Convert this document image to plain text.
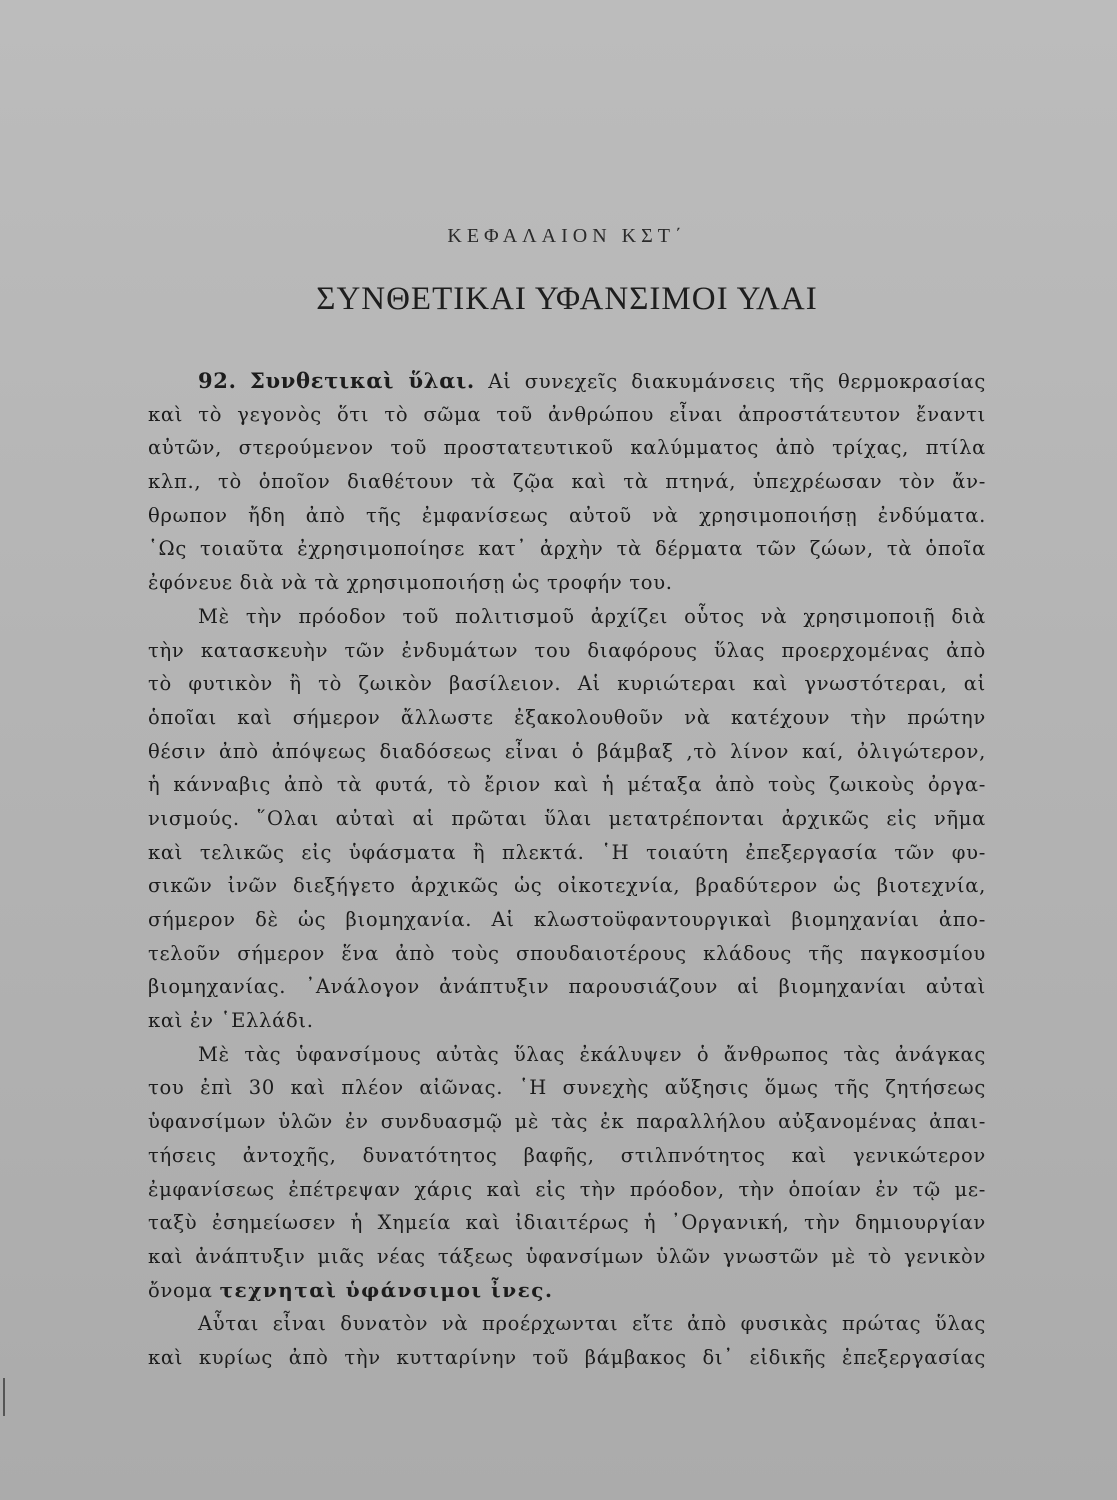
ΚΕΦΑΛΑΙΟΝ ΚΣΤ΄
ΣΥΝΘΕΤΙΚΑΙ ΥΦΑΝΣΙΜΟΙ ΥΛΑΙ
92. Συνθετικαὶ ὕλαι. Αἱ συνεχεῖς διακυμάνσεις τῆς θερμοκρασίας
καὶ τὸ γεγονὸς ὅτι τὸ σῶμα τοῦ ἀνθρώπου εἶναι ἀπροστάτευτον ἔναντι
αὐτῶν, στερούμενον τοῦ προστατευτικοῦ καλύμματος ἀπὸ τρίχας, πτίλα
κλπ., τὸ ὁποῖον διαθέτουν τὰ ζῷα καὶ τὰ πτηνά, ὑπεχρέωσαν τὸν ἄν-
θρωπον ἤδη ἀπὸ τῆς ἐμφανίσεως αὐτοῦ νὰ χρησιμοποιήσῃ ἐνδύματα.
῾Ως τοιαῦτα ἐχρησιμοποίησε κατ᾽ ἀρχὴν τὰ δέρματα τῶν ζώων, τὰ ὁποῖα
ἐφόνευε διὰ νὰ τὰ χρησιμοποιήσῃ ὡς τροφήν του.
Μὲ τὴν πρόοδον τοῦ πολιτισμοῦ ἀρχίζει οὗτος νὰ χρησιμοποιῇ διὰ
τὴν κατασκευὴν τῶν ἐνδυμάτων του διαφόρους ὕλας προερχομένας ἀπὸ
τὸ φυτικὸν ἢ τὸ ζωικὸν βασίλειον. Αἱ κυριώτεραι καὶ γνωστότεραι, αἱ
ὁποῖαι καὶ σήμερον ἄλλωστε ἐξακολουθοῦν νὰ κατέχουν τὴν πρώτην
θέσιν ἀπὸ ἀπόψεως διαδόσεως εἶναι ὁ βάμβαξ ,τὸ λίνον καί, ὀλιγώτερον,
ἡ κάνναβις ἀπὸ τὰ φυτά, τὸ ἔριον καὶ ἡ μέταξα ἀπὸ τοὺς ζωικοὺς ὀργα-
νισμούς. ῞Ολαι αὐταὶ αἱ πρῶται ὕλαι μετατρέπονται ἀρχικῶς εἰς νῆμα
καὶ τελικῶς εἰς ὑφάσματα ἢ πλεκτά. ῾Η τοιαύτη ἐπεξεργασία τῶν φυ-
σικῶν ἰνῶν διεξήγετο ἀρχικῶς ὡς οἰκοτεχνία, βραδύτερον ὡς βιοτεχνία,
σήμερον δὲ ὡς βιομηχανία. Αἱ κλωστοϋφαντουργικαὶ βιομηχανίαι ἀπο-
τελοῦν σήμερον ἕνα ἀπὸ τοὺς σπουδαιοτέρους κλάδους τῆς παγκοσμίου
βιομηχανίας. ᾿Ανάλογον ἀνάπτυξιν παρουσιάζουν αἱ βιομηχανίαι αὐταὶ
καὶ ἐν ῾Ελλάδι.
Μὲ τὰς ὑφανσίμους αὐτὰς ὕλας ἐκάλυψεν ὁ ἄνθρωπος τὰς ἀνάγκας
του ἐπὶ 30 καὶ πλέον αἰῶνας. ῾Η συνεχὴς αὔξησις ὅμως τῆς ζητήσεως
ὑφανσίμων ὑλῶν ἐν συνδυασμῷ μὲ τὰς ἐκ παραλλήλου αὐξανομένας ἀπαι-
τήσεις ἀντοχῆς, δυνατότητος βαφῆς, στιλπνότητος καὶ γενικώτερον
ἐμφανίσεως ἐπέτρεψαν χάρις καὶ εἰς τὴν πρόοδον, τὴν ὁποίαν ἐν τῷ με-
ταξὺ ἐσημείωσεν ἡ Χημεία καὶ ἰδιαιτέρως ἡ ᾿Οργανική, τὴν δημιουργίαν
καὶ ἀνάπτυξιν μιᾶς νέας τάξεως ὑφανσίμων ὑλῶν γνωστῶν μὲ τὸ γενικὸν
ὄνομα τεχνηταὶ ὑφάνσιμοι ἶνες.
Αὗται εἶναι δυνατὸν νὰ προέρχωνται εἴτε ἀπὸ φυσικὰς πρώτας ὕλας
καὶ κυρίως ἀπὸ τὴν κυτταρίνην τοῦ βάμβακος δι᾽ εἰδικῆς ἐπεξεργασίας
